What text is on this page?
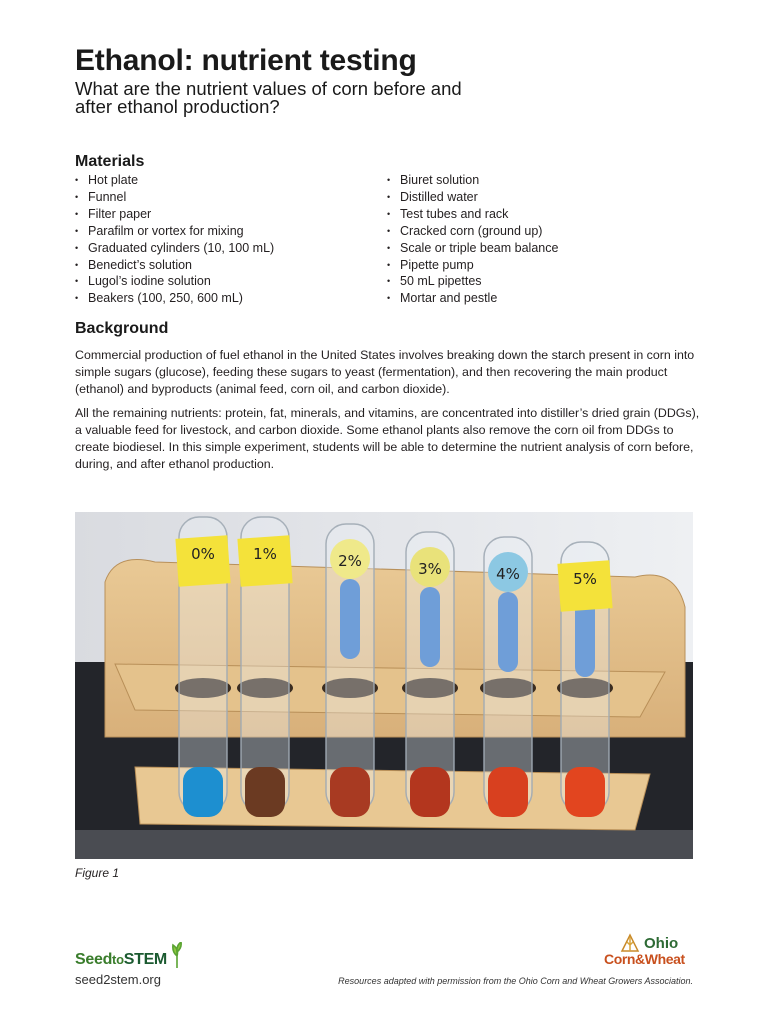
Ethanol: nutrient testing
What are the nutrient values of corn before and after ethanol production?
Materials
• Hot plate
• Funnel
• Filter paper
• Parafilm or vortex for mixing
• Graduated cylinders (10, 100 mL)
• Benedict’s solution
• Lugol’s iodine solution
• Beakers (100, 250, 600 mL)
• Biuret solution
• Distilled water
• Test tubes and rack
• Cracked corn (ground up)
• Scale or triple beam balance
• Pipette pump
• 50 mL pipettes
• Mortar and pestle
Background

Commercial production of fuel ethanol in the United States involves breaking down the starch present in corn into simple sugars (glucose), feeding these sugars to yeast (fermentation), and then recovering the main product (ethanol) and byproducts (animal feed, corn oil, and carbon dioxide).

All the remaining nutrients: protein, fat, minerals, and vitamins, are concentrated into distiller’s dried grain (DDGs), a valuable feed for livestock, and carbon dioxide. Some ethanol plants also remove the corn oil from DDGs to create biodiesel. In this simple experiment, students will be able to determine the nutrient analysis of corn before, during, and after ethanol production.

0%	1%	2%	3%	4%	5%

Figure 1

SeedtoSTEM

seed2stem.org

Ohio
Corn&Wheat

Resources adapted with permission from the Ohio Corn and Wheat Growers Association.
